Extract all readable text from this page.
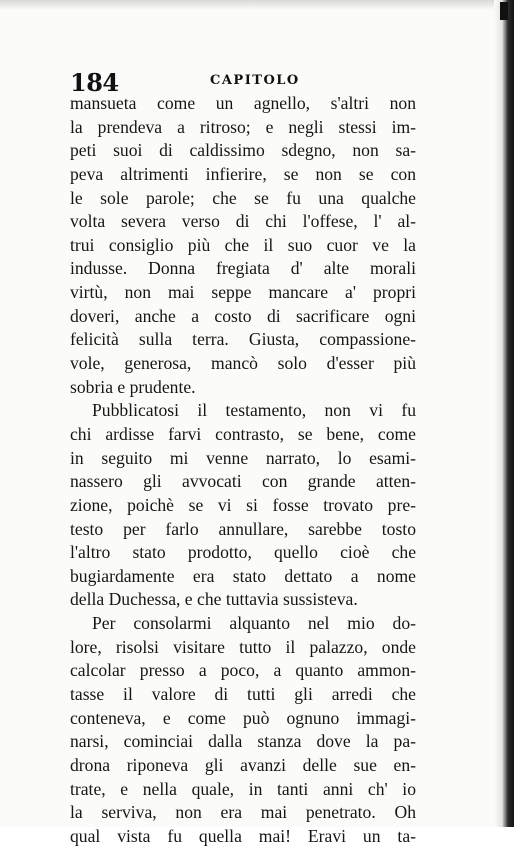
184	CAPITOLO
mansueta come un agnello, s'altri non
la prendeva a ritroso; e negli stessi im-
peti suoi di caldissimo sdegno, non sa-
peva altrimenti infierire, se non se con
le sole parole; che se fu una qualche
volta severa verso di chi l'offese, l' al-
trui consiglio più che il suo cuor ve la
indusse. Donna fregiata d' alte morali
virtù, non mai seppe mancare a' propri
doveri, anche a costo di sacrificare ogni
felicità sulla terra. Giusta, compassione-
vole, generosa, mancò solo d'esser più
sobria e prudente.
Pubblicatosi il testamento, non vi fu
chi ardisse farvi contrasto, se bene, come
in seguito mi venne narrato, lo esami-
nassero gli avvocati con grande atten-
zione, poichè se vi si fosse trovato pre-
testo per farlo annullare, sarebbe tosto
l'altro stato prodotto, quello cioè che
bugiardamente era stato dettato a nome
della Duchessa, e che tuttavia sussisteva.
Per consolarmi alquanto nel mio do-
lore, risolsi visitare tutto il palazzo, onde
calcolar presso a poco, a quanto ammon-
tasse il valore di tutti gli arredi che
conteneva, e come può ognuno immagi-
narsi, cominciai dalla stanza dove la pa-
drona riponeva gli avanzi delle sue en-
trate, e nella quale, in tanti anni ch' io
la serviva, non era mai penetrato. Oh
qual vista fu quella mai! Eravi un ta-
